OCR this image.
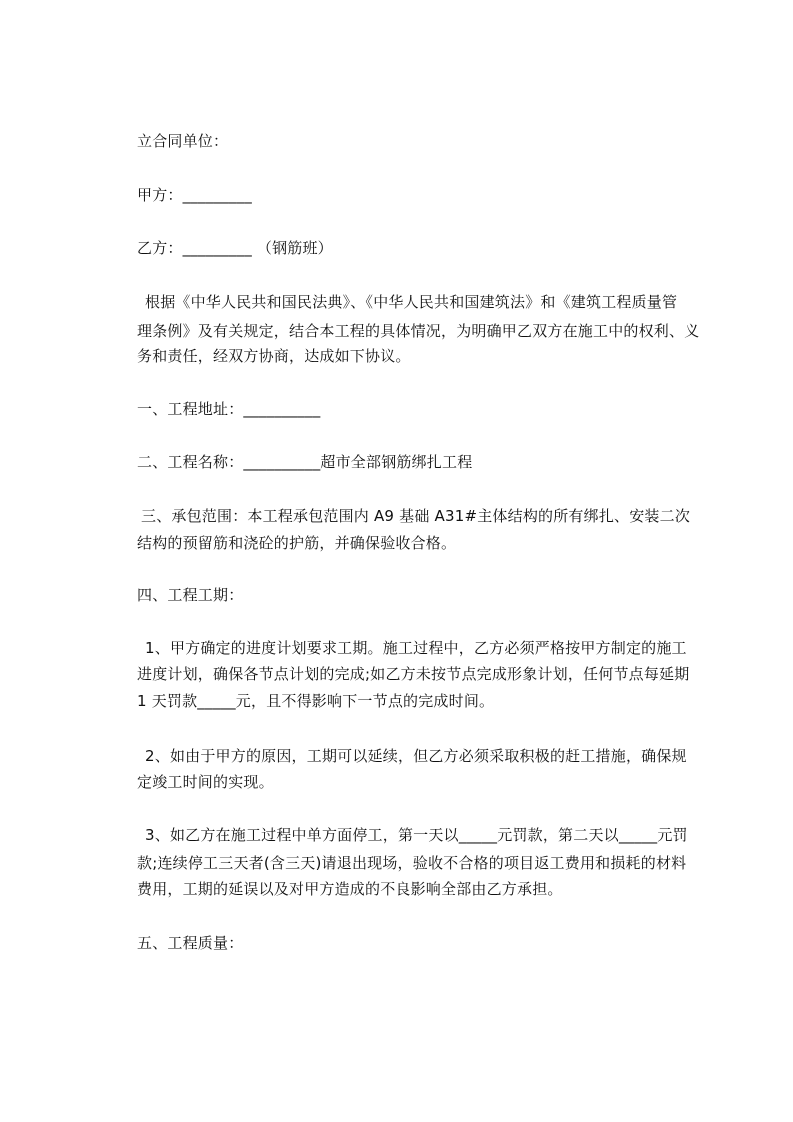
立合同单位：
甲方：_________
乙方：_________ （钢筋班）
根据《中华人民共和国民法典》、《中华人民共和国建筑法》和《建筑工程质量管
理条例》及有关规定，结合本工程的具体情况，为明确甲乙双方在施工中的权利、义
务和责任，经双方协商，达成如下协议。
一、工程地址：__________
二、工程名称：__________超市全部钢筋绑扎工程
三、承包范围：本工程承包范围内 A9 基础 A31#主体结构的所有绑扎、安装二次
结构的预留筋和浇砼的护筋，并确保验收合格。
四、工程工期：
1、甲方确定的进度计划要求工期。施工过程中，乙方必须严格按甲方制定的施工
进度计划，确保各节点计划的完成;如乙方未按节点完成形象计划，任何节点每延期
1 天罚款_____元，且不得影响下一节点的完成时间。
2、如由于甲方的原因，工期可以延续，但乙方必须采取积极的赶工措施，确保规
定竣工时间的实现。
3、如乙方在施工过程中单方面停工，第一天以_____元罚款，第二天以_____元罚
款;连续停工三天者(含三天)请退出现场，验收不合格的项目返工费用和损耗的材料
费用，工期的延误以及对甲方造成的不良影响全部由乙方承担。
五、工程质量：
